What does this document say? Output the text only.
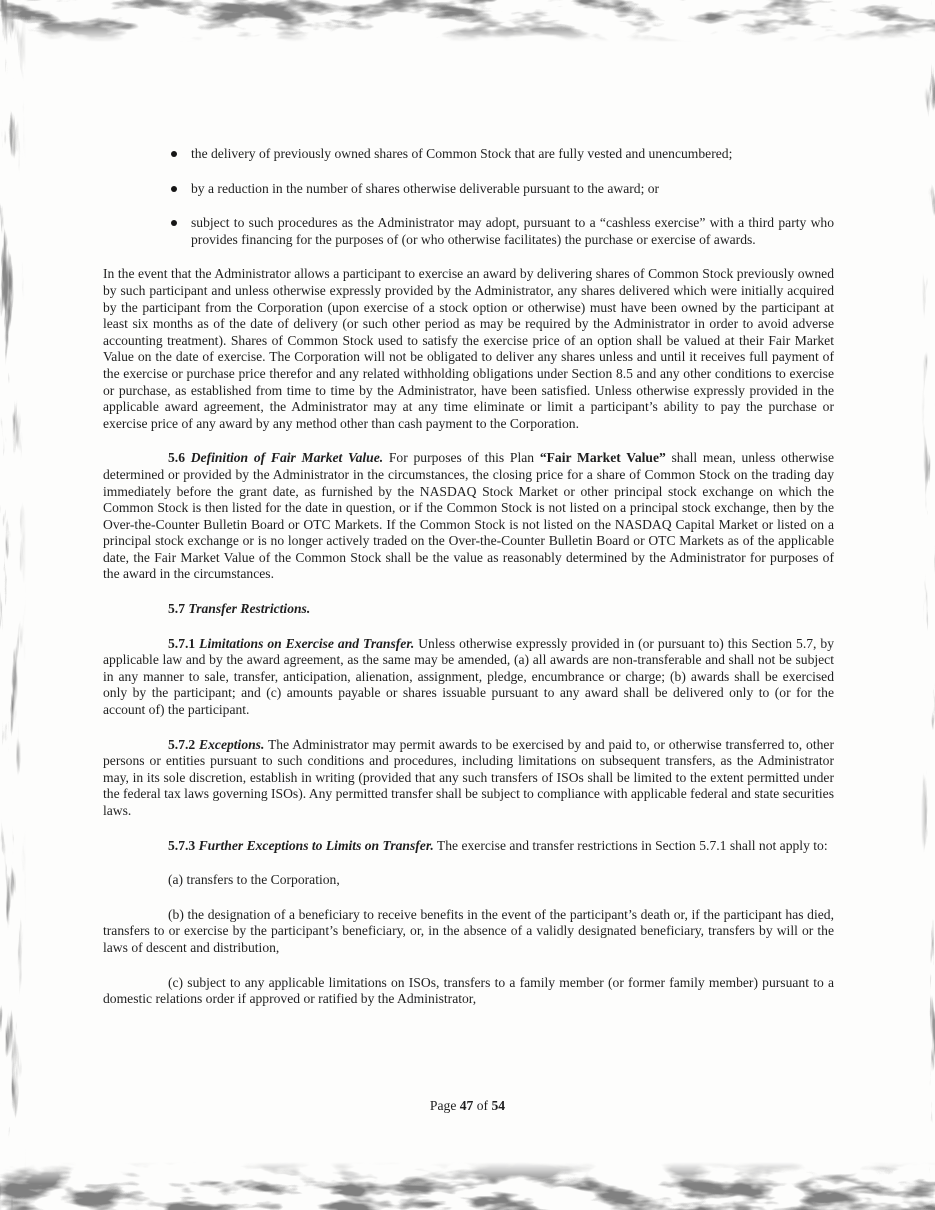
the delivery of previously owned shares of Common Stock that are fully vested and unencumbered;
by a reduction in the number of shares otherwise deliverable pursuant to the award; or
subject to such procedures as the Administrator may adopt, pursuant to a “cashless exercise” with a third party who provides financing for the purposes of (or who otherwise facilitates) the purchase or exercise of awards.
In the event that the Administrator allows a participant to exercise an award by delivering shares of Common Stock previously owned by such participant and unless otherwise expressly provided by the Administrator, any shares delivered which were initially acquired by the participant from the Corporation (upon exercise of a stock option or otherwise) must have been owned by the participant at least six months as of the date of delivery (or such other period as may be required by the Administrator in order to avoid adverse accounting treatment). Shares of Common Stock used to satisfy the exercise price of an option shall be valued at their Fair Market Value on the date of exercise. The Corporation will not be obligated to deliver any shares unless and until it receives full payment of the exercise or purchase price therefor and any related withholding obligations under Section 8.5 and any other conditions to exercise or purchase, as established from time to time by the Administrator, have been satisfied. Unless otherwise expressly provided in the applicable award agreement, the Administrator may at any time eliminate or limit a participant’s ability to pay the purchase or exercise price of any award by any method other than cash payment to the Corporation.
5.6 Definition of Fair Market Value. For purposes of this Plan “Fair Market Value” shall mean, unless otherwise determined or provided by the Administrator in the circumstances, the closing price for a share of Common Stock on the trading day immediately before the grant date, as furnished by the NASDAQ Stock Market or other principal stock exchange on which the Common Stock is then listed for the date in question, or if the Common Stock is not listed on a principal stock exchange, then by the Over-the-Counter Bulletin Board or OTC Markets. If the Common Stock is not listed on the NASDAQ Capital Market or listed on a principal stock exchange or is no longer actively traded on the Over-the-Counter Bulletin Board or OTC Markets as of the applicable date, the Fair Market Value of the Common Stock shall be the value as reasonably determined by the Administrator for purposes of the award in the circumstances.
5.7 Transfer Restrictions.
5.7.1 Limitations on Exercise and Transfer. Unless otherwise expressly provided in (or pursuant to) this Section 5.7, by applicable law and by the award agreement, as the same may be amended, (a) all awards are non-transferable and shall not be subject in any manner to sale, transfer, anticipation, alienation, assignment, pledge, encumbrance or charge; (b) awards shall be exercised only by the participant; and (c) amounts payable or shares issuable pursuant to any award shall be delivered only to (or for the account of) the participant.
5.7.2 Exceptions. The Administrator may permit awards to be exercised by and paid to, or otherwise transferred to, other persons or entities pursuant to such conditions and procedures, including limitations on subsequent transfers, as the Administrator may, in its sole discretion, establish in writing (provided that any such transfers of ISOs shall be limited to the extent permitted under the federal tax laws governing ISOs). Any permitted transfer shall be subject to compliance with applicable federal and state securities laws.
5.7.3 Further Exceptions to Limits on Transfer. The exercise and transfer restrictions in Section 5.7.1 shall not apply to:
(a) transfers to the Corporation,
(b) the designation of a beneficiary to receive benefits in the event of the participant’s death or, if the participant has died, transfers to or exercise by the participant’s beneficiary, or, in the absence of a validly designated beneficiary, transfers by will or the laws of descent and distribution,
(c) subject to any applicable limitations on ISOs, transfers to a family member (or former family member) pursuant to a domestic relations order if approved or ratified by the Administrator,
Page 47 of 54
